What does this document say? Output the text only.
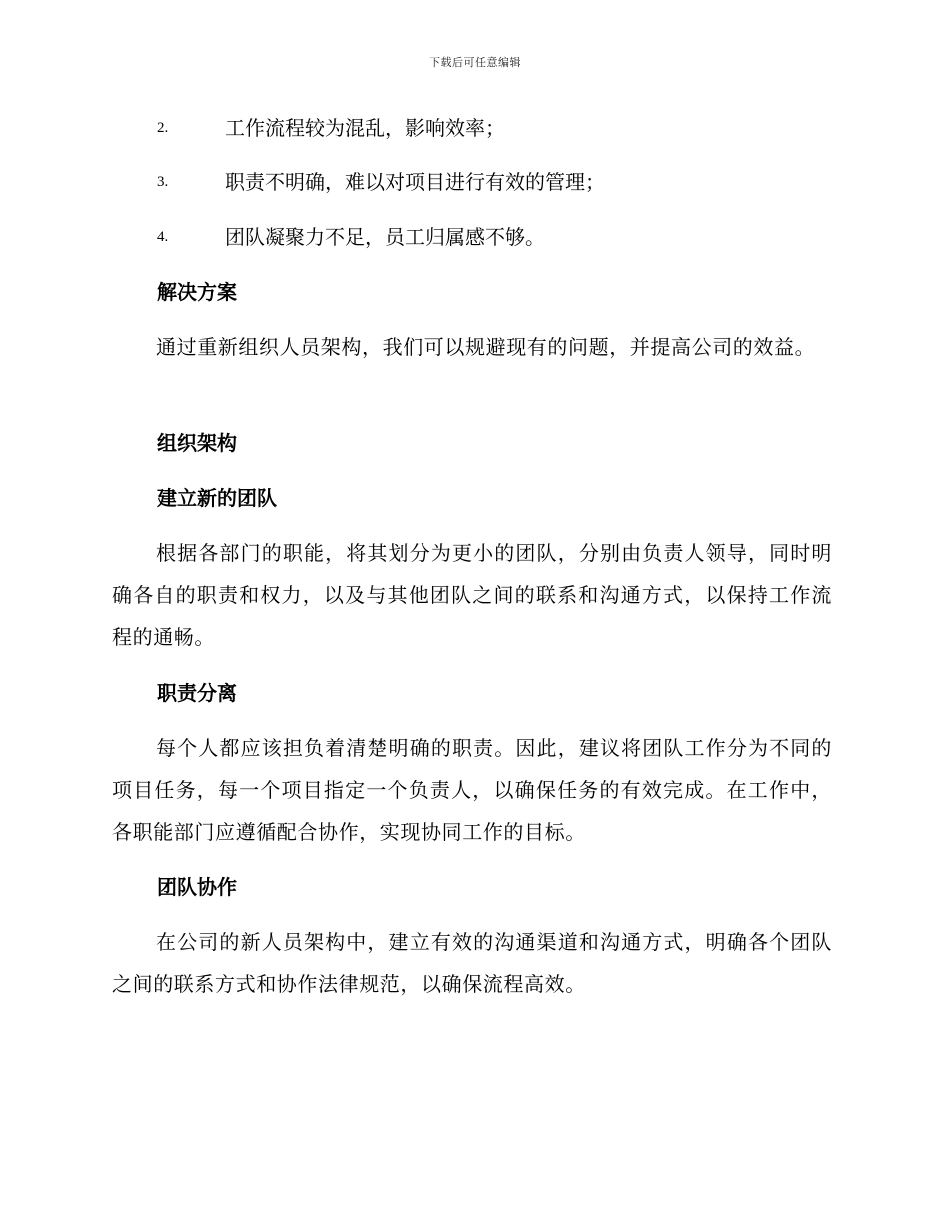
下载后可任意编辑
2.	工作流程较为混乱，影响效率；
3.	职责不明确，难以对项目进行有效的管理；
4.	团队凝聚力不足，员工归属感不够。
解决方案

通过重新组织人员架构，我们可以规避现有的问题，并提高公司的效益。

组织架构
建立新的团队

根据各部门的职能，将其划分为更小的团队，分别由负责人领导，同时明确各自的职责和权力，以及与其他团队之间的联系和沟通方式，以保持工作流程的通畅。

职责分离

每个人都应该担负着清楚明确的职责。因此，建议将团队工作分为不同的项目任务，每一个项目指定一个负责人，以确保任务的有效完成。在工作中，各职能部门应遵循配合协作，实现协同工作的目标。

团队协作

在公司的新人员架构中，建立有效的沟通渠道和沟通方式，明确各个团队之间的联系方式和协作法律规范，以确保流程高效。
